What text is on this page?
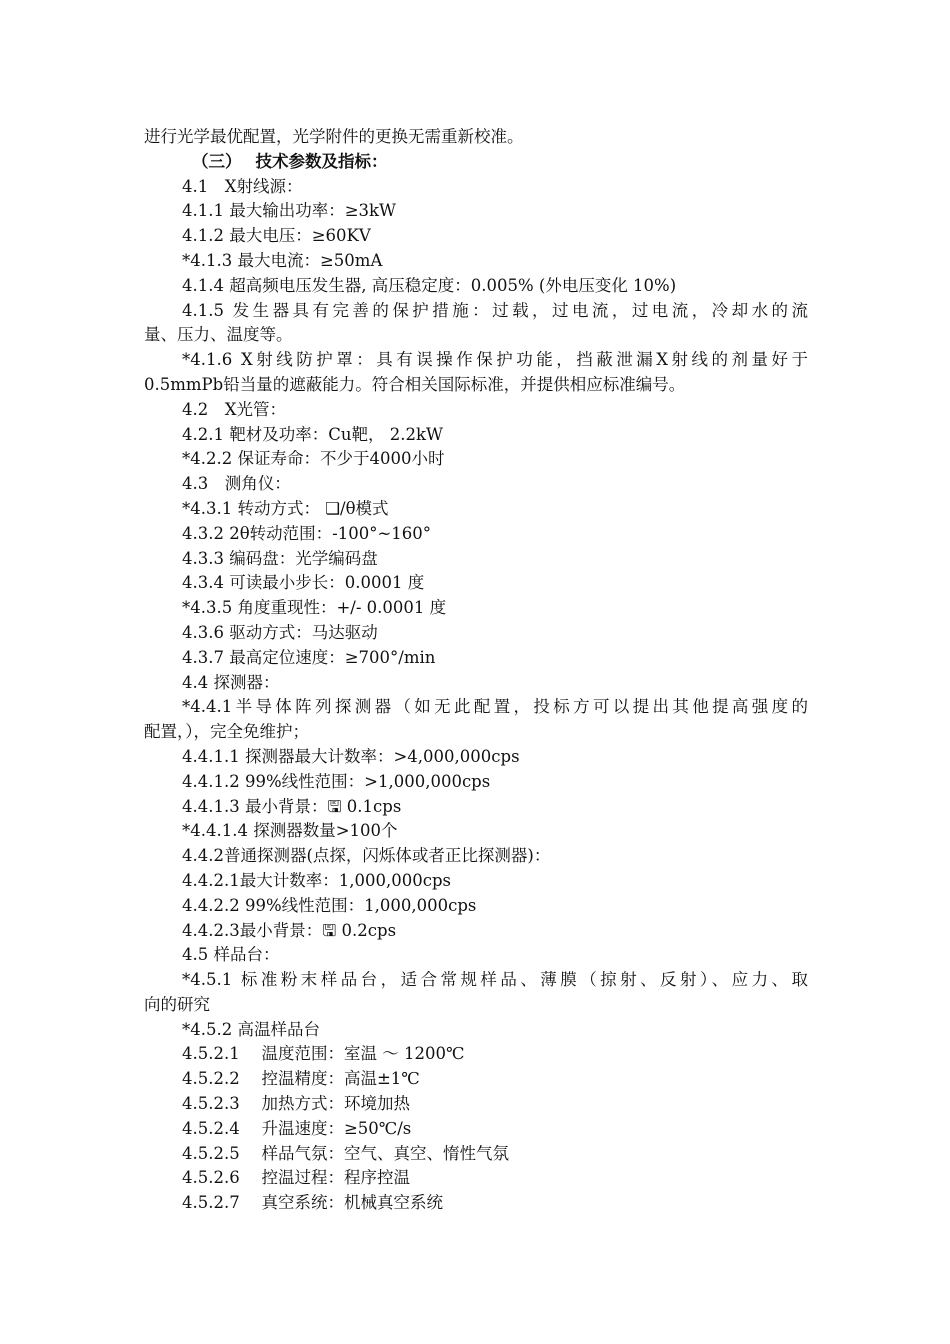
进行光学最优配置，光学附件的更换无需重新校准。
（三）　 技术参数及指标：
4.1　X射线源：
4.1.1 最大输出功率：≥3kW
4.1.2 最大电压：≥60KV
*4.1.3 最大电流：≥50mA
4.1.4 超高频电压发生器, 高压稳定度：0.005% (外电压变化 10%)
4.1.5 发生器具有完善的保护措施：过载，过电流，过电流，冷却水的流
量、压力、温度等。
*4.1.6 X射线防护罩：具有误操作保护功能，挡蔽泄漏X射线的剂量好于
0.5mmPb铅当量的遮蔽能力。符合相关国际标准，并提供相应标准编号。
4.2　X光管：
4.2.1 靶材及功率：Cu靶， 2.2kW
*4.2.2 保证寿命：不少于4000小时
4.3　测角仪：
*4.3.1 转动方式： ❏/θ模式
4.3.2 2θ转动范围：-100°~160°
4.3.3 编码盘：光学编码盘
4.3.4 可读最小步长：0.0001 度
*4.3.5 角度重现性：+/- 0.0001 度
4.3.6 驱动方式：马达驱动
4.3.7 最高定位速度：≥700°/min
4.4 探测器：
*4.4.1半导体阵列探测器（如无此配置，投标方可以提出其他提高强度的
配置，），完全免维护；
4.4.1.1 探测器最大计数率：>4,000,000cps
4.4.1.2 99%线性范围：>1,000,000cps
4.4.1.3 最小背景：🖫 0.1cps
*4.4.1.4 探测器数量>100个
4.4.2普通探测器(点探，闪烁体或者正比探测器)：
4.4.2.1最大计数率：1,000,000cps
4.4.2.2 99%线性范围：1,000,000cps
4.4.2.3最小背景：🖫 0.2cps
4.5 样品台：
*4.5.1 标准粉末样品台，适合常规样品、薄膜（掠射、反射）、应力、取
向的研究
*4.5.2 高温样品台
4.5.2.1　 温度范围：室温 ～ 1200℃
4.5.2.2　 控温精度：高温±1℃
4.5.2.3　 加热方式：环境加热
4.5.2.4　 升温速度：≥50℃/s
4.5.2.5　 样品气氛：空气、真空、惰性气氛
4.5.2.6　 控温过程：程序控温
4.5.2.7　 真空系统：机械真空系统
